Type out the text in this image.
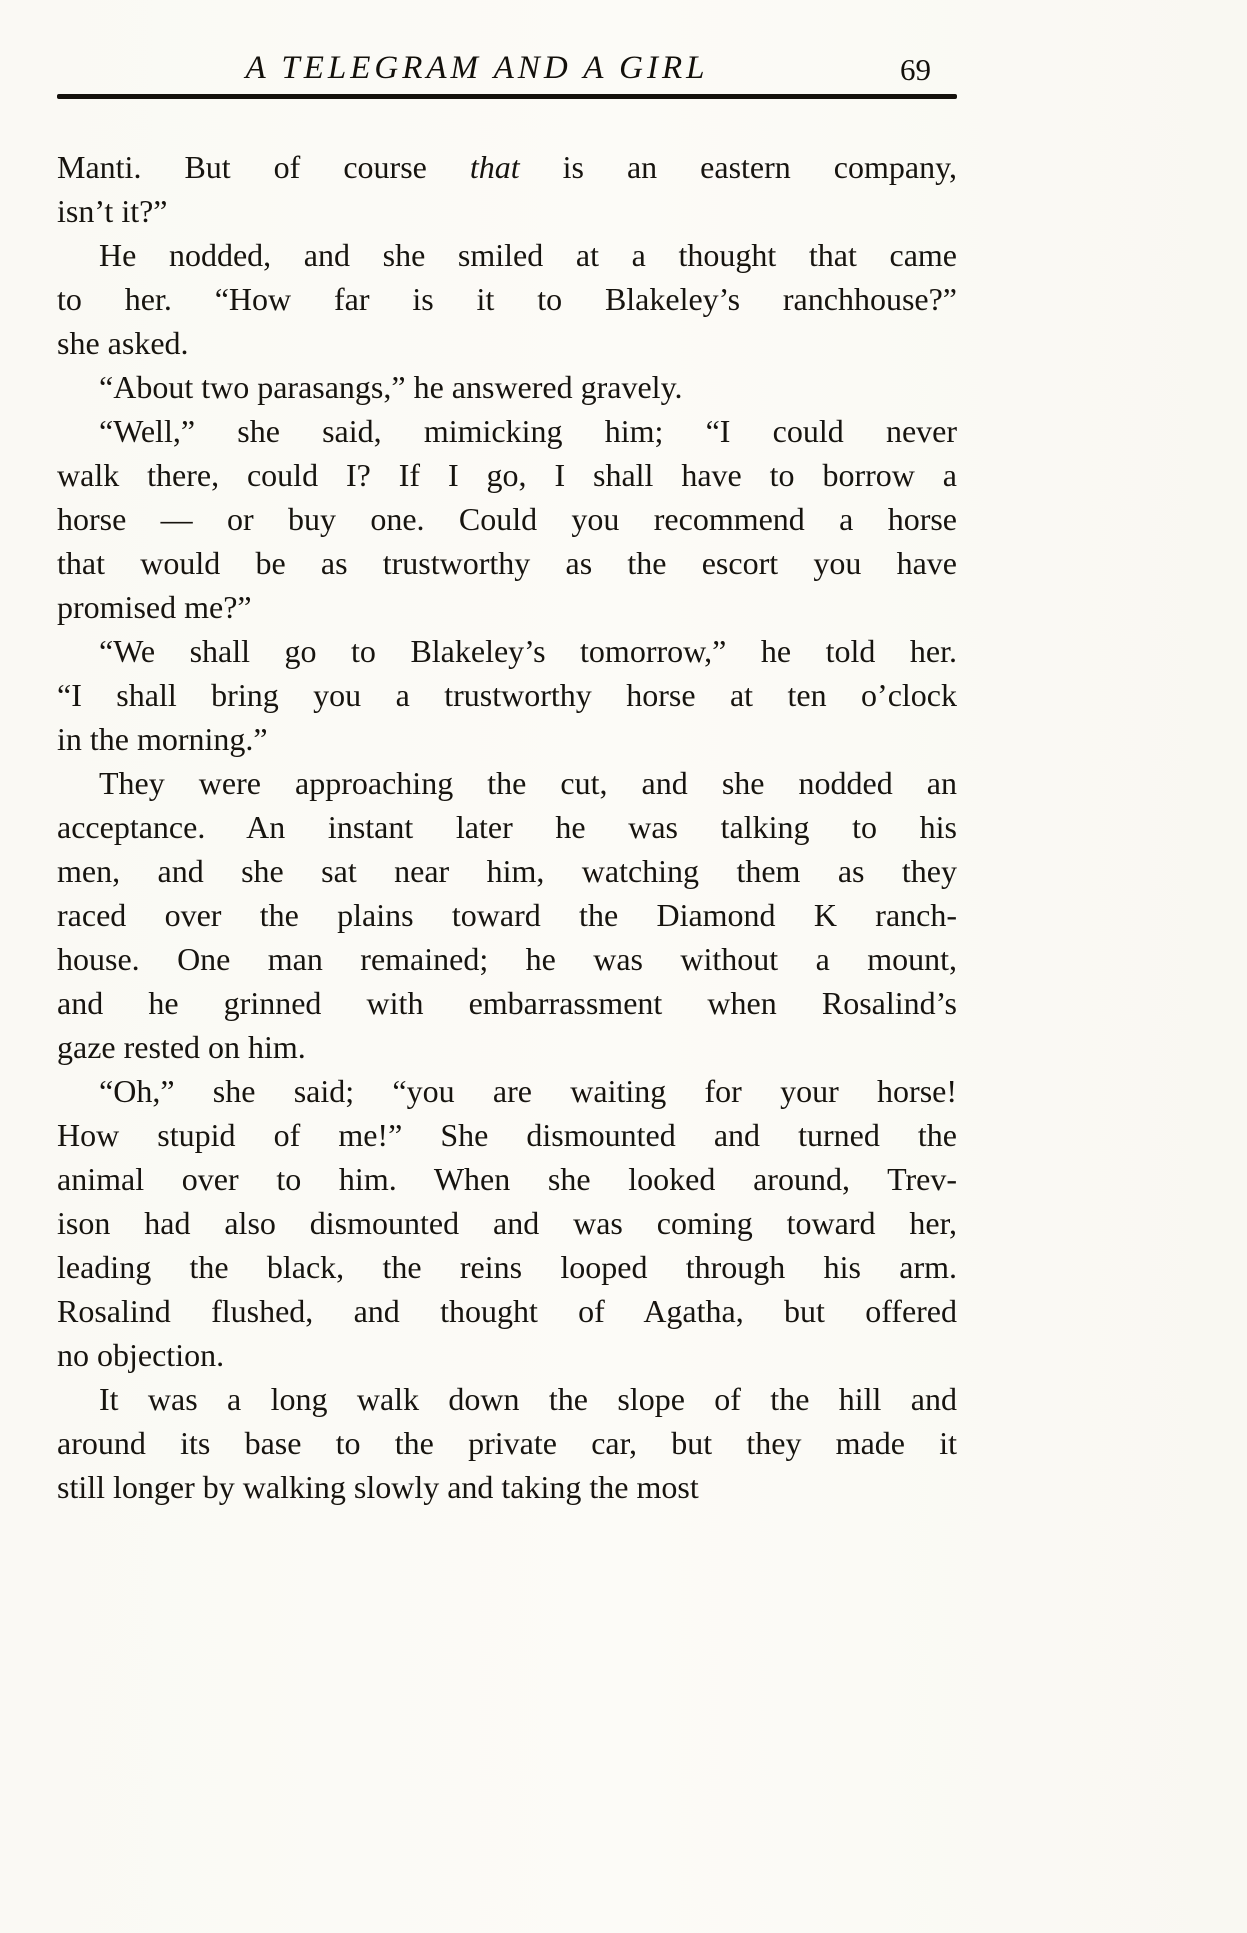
A TELEGRAM AND A GIRL	69
Manti. But of course that is an eastern company,
isn’t it?”
He nodded, and she smiled at a thought that came
to her. “How far is it to Blakeley’s ranchhouse?”
she asked.
“About two parasangs,” he answered gravely.
“Well,” she said, mimicking him; “I could never
walk there, could I? If I go, I shall have to borrow a
horse — or buy one. Could you recommend a horse
that would be as trustworthy as the escort you have
promised me?”
“We shall go to Blakeley’s tomorrow,” he told her.
“I shall bring you a trustworthy horse at ten o’clock
in the morning.”
They were approaching the cut, and she nodded an
acceptance. An instant later he was talking to his
men, and she sat near him, watching them as they
raced over the plains toward the Diamond K ranch-
house. One man remained; he was without a mount,
and he grinned with embarrassment when Rosalind’s
gaze rested on him.
“Oh,” she said; “you are waiting for your horse!
How stupid of me!” She dismounted and turned the
animal over to him. When she looked around, Trev-
ison had also dismounted and was coming toward her,
leading the black, the reins looped through his arm.
Rosalind flushed, and thought of Agatha, but offered
no objection.
It was a long walk down the slope of the hill and
around its base to the private car, but they made it
still longer by walking slowly and taking the most
